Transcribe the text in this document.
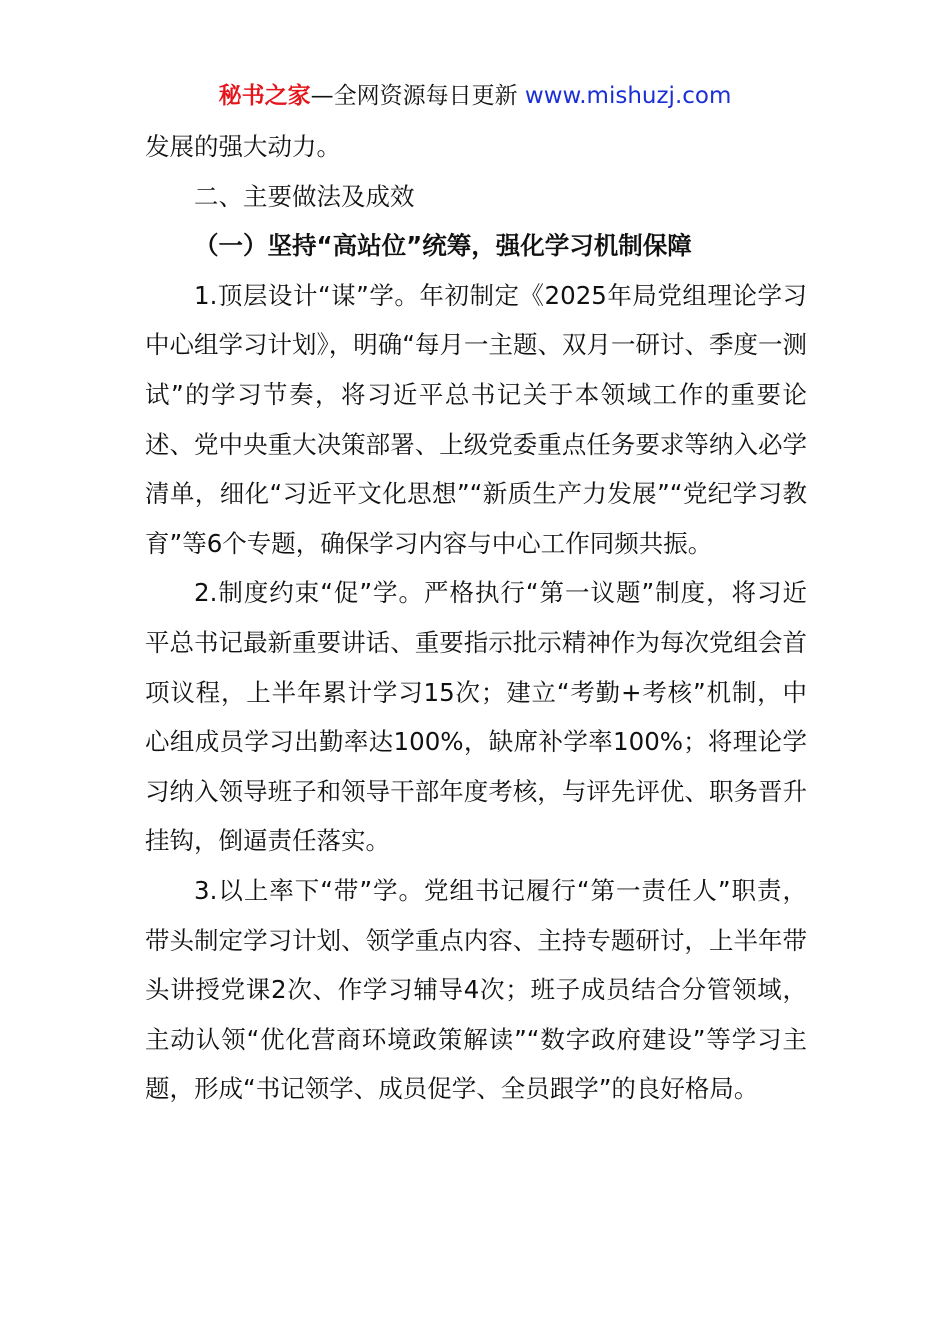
秘书之家—全网资源每日更新 www.mishuzj.com

发展的强大动力。

二、主要做法及成效

（一）坚持“高站位”统筹，强化学习机制保障

1.顶层设计“谋”学。年初制定《2025年局党组理论学习中心组学习计划》，明确“每月一主题、双月一研讨、季度一测试”的学习节奏，将习近平总书记关于本领域工作的重要论述、党中央重大决策部署、上级党委重点任务要求等纳入必学清单，细化“习近平文化思想”“新质生产力发展”“党纪学习教育”等6个专题，确保学习内容与中心工作同频共振。

2.制度约束“促”学。严格执行“第一议题”制度，将习近平总书记最新重要讲话、重要指示批示精神作为每次党组会首项议程，上半年累计学习15次；建立“考勤+考核”机制，中心组成员学习出勤率达100%，缺席补学率100%；将理论学习纳入领导班子和领导干部年度考核，与评先评优、职务晋升挂钩，倒逼责任落实。

3.以上率下“带”学。党组书记履行“第一责任人”职责，带头制定学习计划、领学重点内容、主持专题研讨，上半年带头讲授党课2次、作学习辅导4次；班子成员结合分管领域，主动认领“优化营商环境政策解读”“数字政府建设”等学习主题，形成“书记领学、成员促学、全员跟学”的良好格局。
